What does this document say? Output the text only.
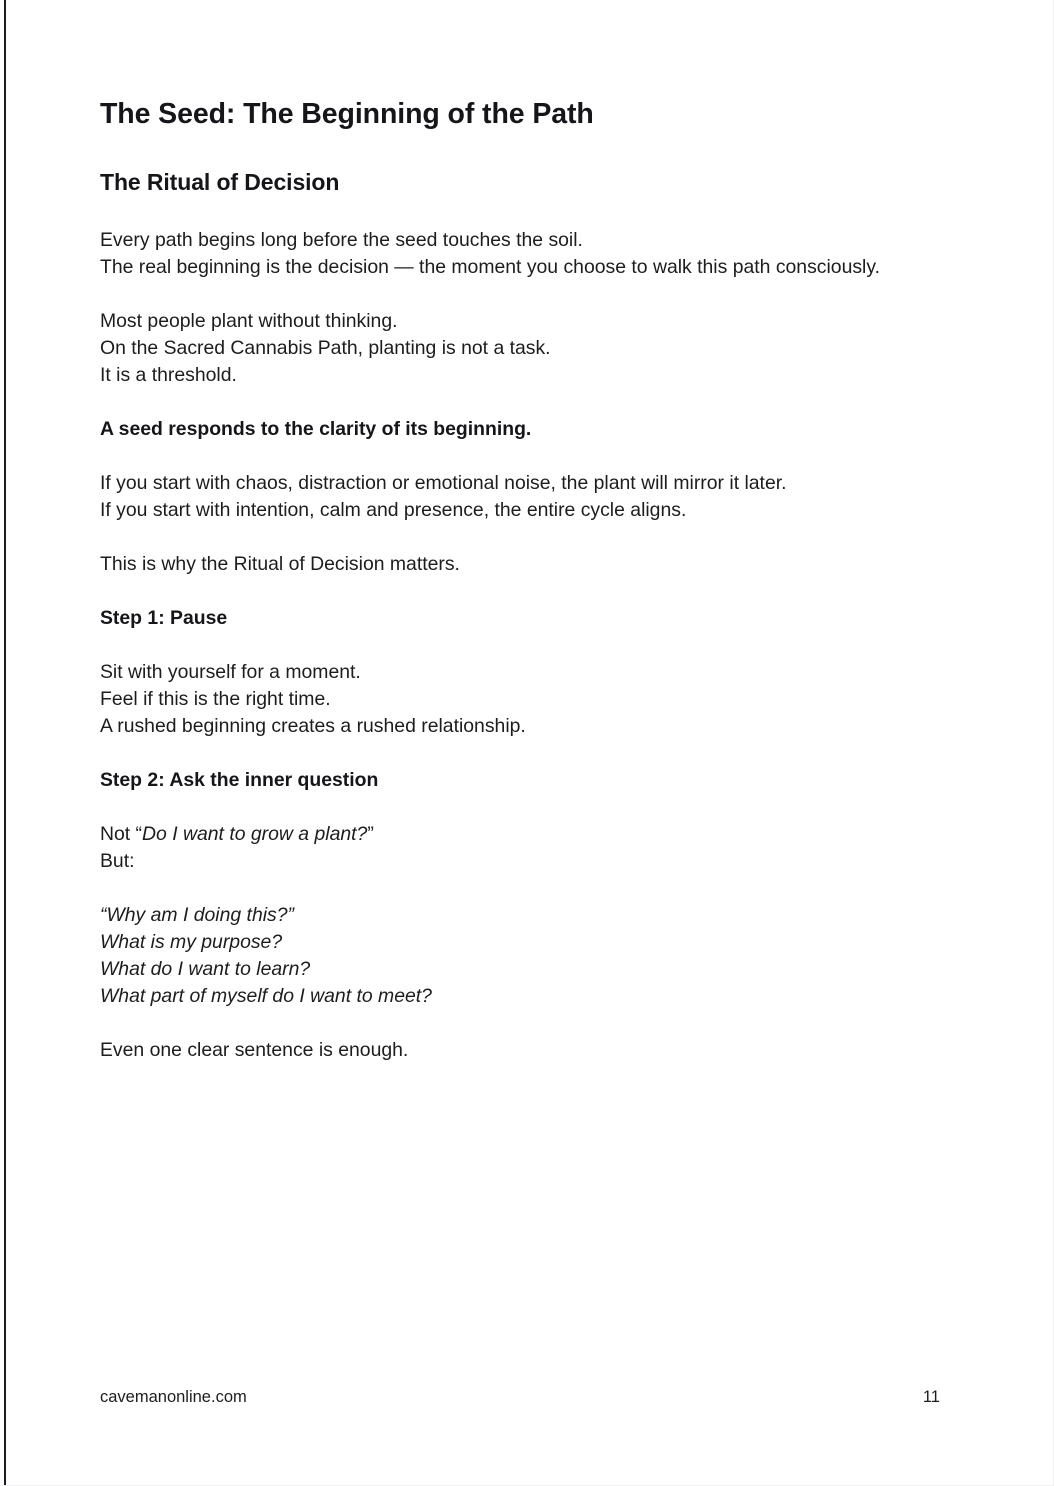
The Seed: The Beginning of the Path
The Ritual of Decision

Every path begins long before the seed touches the soil.
The real beginning is the decision — the moment you choose to walk this path consciously.

Most people plant without thinking.
On the Sacred Cannabis Path, planting is not a task.
It is a threshold.

A seed responds to the clarity of its beginning.

If you start with chaos, distraction or emotional noise, the plant will mirror it later.
If you start with intention, calm and presence, the entire cycle aligns.

This is why the Ritual of Decision matters.

Step 1: Pause

Sit with yourself for a moment.
Feel if this is the right time.
A rushed beginning creates a rushed relationship.

Step 2: Ask the inner question

Not “Do I want to grow a plant?”
But:

“Why am I doing this?”
What is my purpose?
What do I want to learn?
What part of myself do I want to meet?

Even one clear sentence is enough.

cavemanonline.com	11
